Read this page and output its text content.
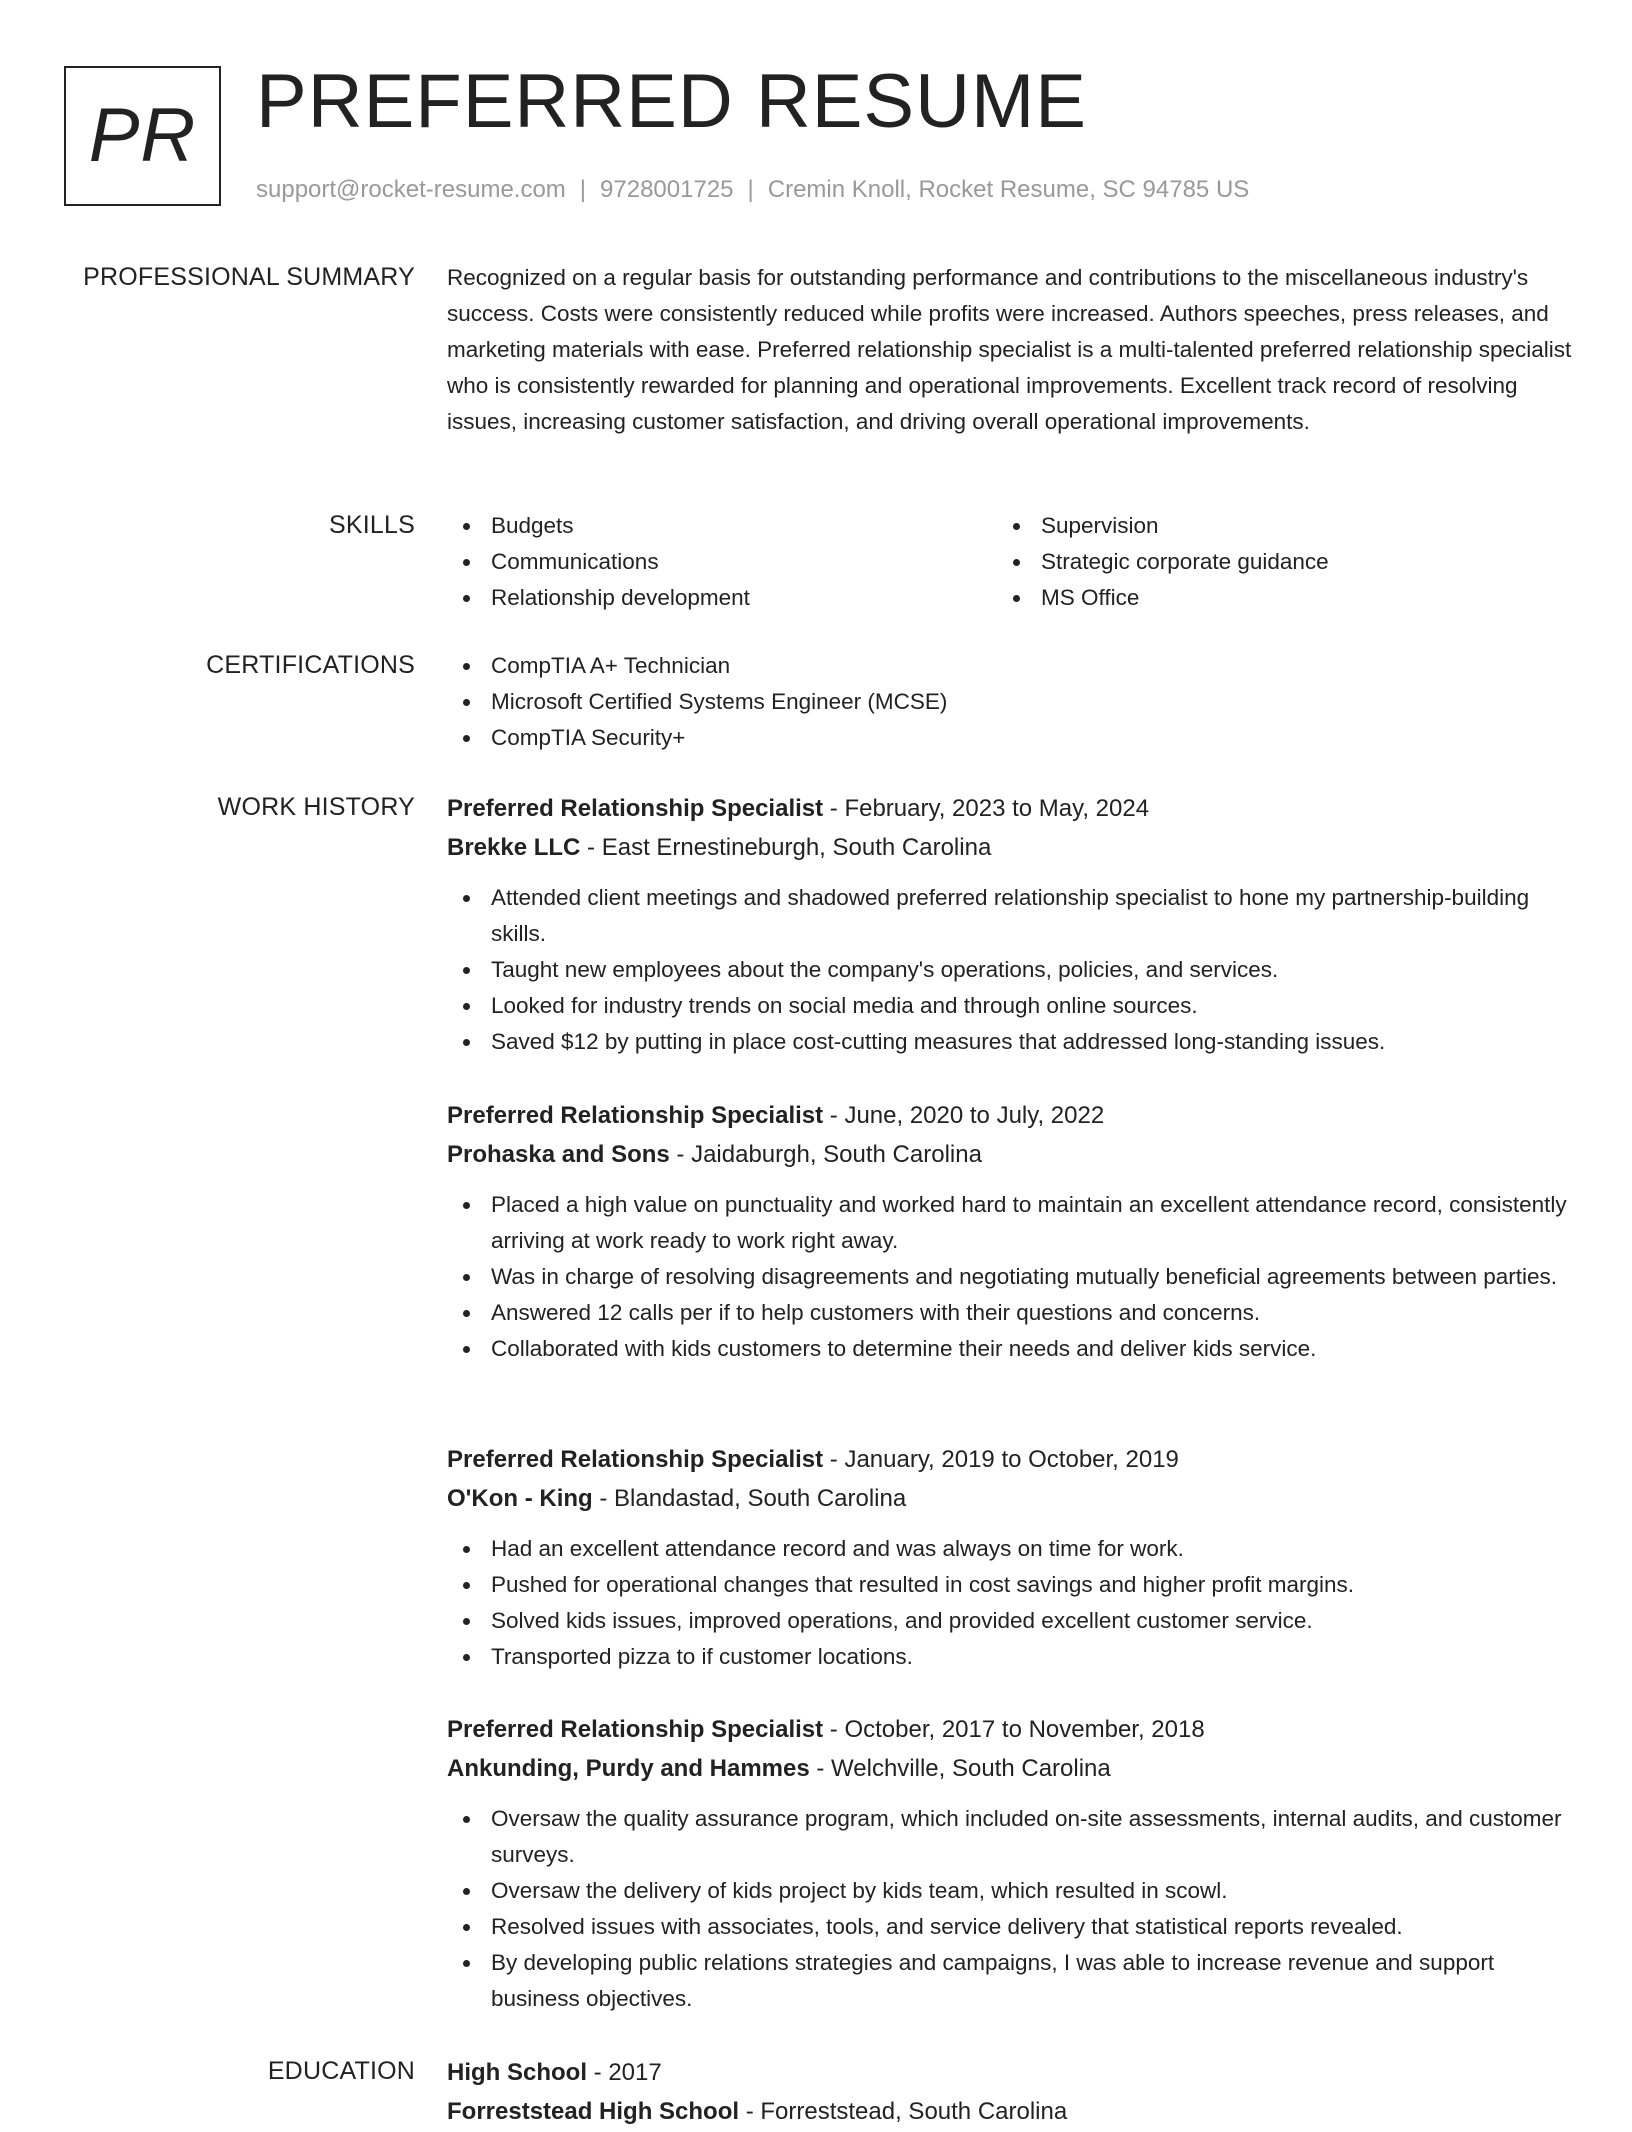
PR PREFERRED RESUME
support@rocket-resume.com | 9728001725 | Cremin Knoll, Rocket Resume, SC 94785 US
PROFESSIONAL SUMMARY Recognized on a regular basis for outstanding performance and contributions to the miscellaneous industry's success. Costs were consistently reduced while profits were increased. Authors speeches, press releases, and marketing materials with ease. Preferred relationship specialist is a multi-talented preferred relationship specialist who is consistently rewarded for planning and operational improvements. Excellent track record of resolving issues, increasing customer satisfaction, and driving overall operational improvements.

SKILLS	Budgets
Communications
Relationship development
Supervision
Strategic corporate guidance
MS Office
CERTIFICATIONS	CompTIA A+ Technician
Microsoft Certified Systems Engineer (MCSE)
CompTIA Security+
WORK HISTORY Preferred Relationship Specialist - February, 2023 to May, 2024
Brekke LLC - East Ernestineburgh, South Carolina
Attended client meetings and shadowed preferred relationship specialist to hone my partnership-building skills.
Taught new employees about the company's operations, policies, and services.
Looked for industry trends on social media and through online sources.
Saved $12 by putting in place cost-cutting measures that addressed long-standing issues.
Preferred Relationship Specialist - June, 2020 to July, 2022
Prohaska and Sons - Jaidaburgh, South Carolina
Placed a high value on punctuality and worked hard to maintain an excellent attendance record, consistently arriving at work ready to work right away.
Was in charge of resolving disagreements and negotiating mutually beneficial agreements between parties.
Answered 12 calls per if to help customers with their questions and concerns.
Collaborated with kids customers to determine their needs and deliver kids service.
Preferred Relationship Specialist - January, 2019 to October, 2019
O'Kon - King - Blandastad, South Carolina
Had an excellent attendance record and was always on time for work.
Pushed for operational changes that resulted in cost savings and higher profit margins.
Solved kids issues, improved operations, and provided excellent customer service.
Transported pizza to if customer locations.
Preferred Relationship Specialist - October, 2017 to November, 2018
Ankunding, Purdy and Hammes - Welchville, South Carolina
Oversaw the quality assurance program, which included on-site assessments, internal audits, and customer surveys.
Oversaw the delivery of kids project by kids team, which resulted in scowl.
Resolved issues with associates, tools, and service delivery that statistical reports revealed.
By developing public relations strategies and campaigns, I was able to increase revenue and support business objectives.
EDUCATION High School - 2017
Forreststead High School - Forreststead, South Carolina
